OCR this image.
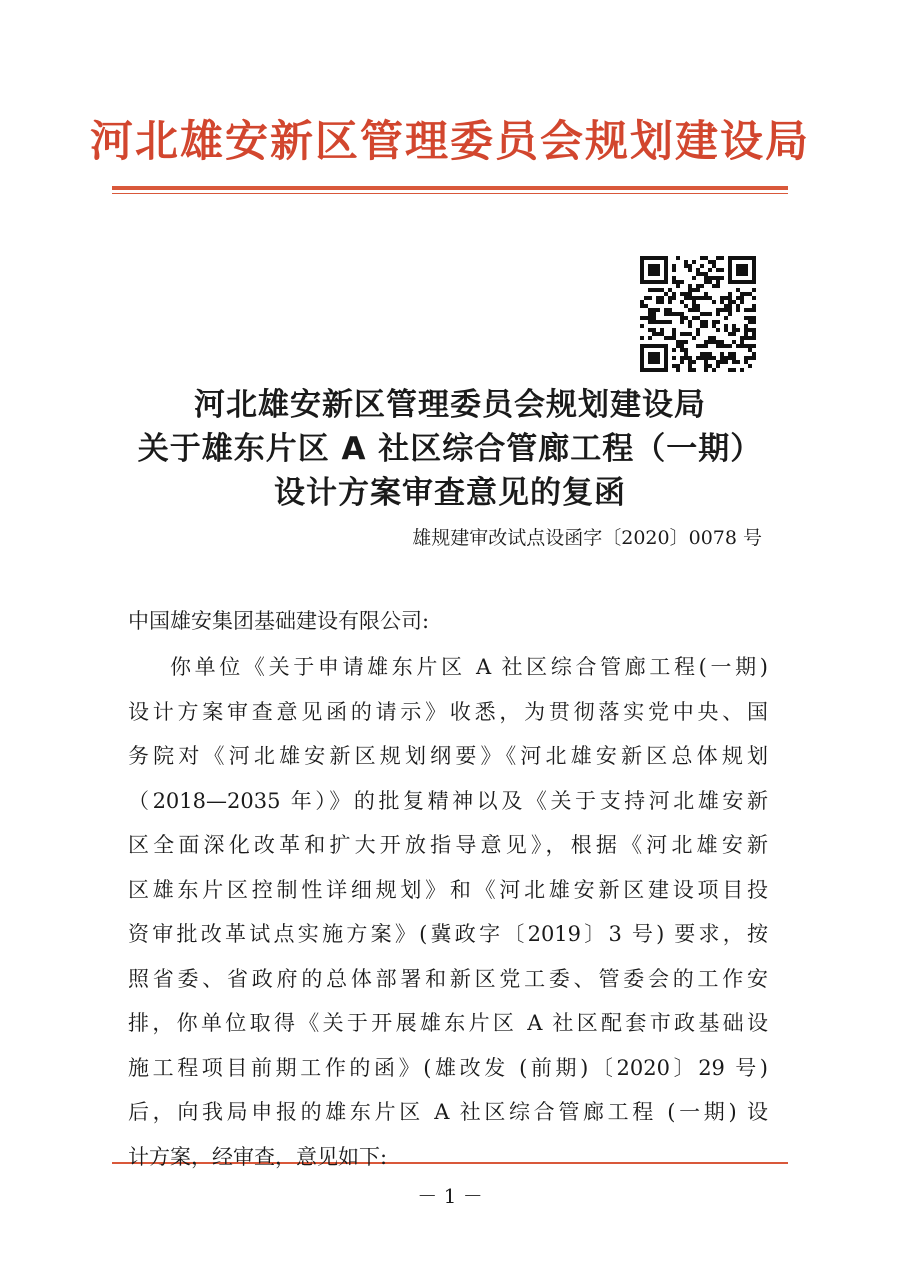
河北雄安新区管理委员会规划建设局
河北雄安新区管理委员会规划建设局
关于雄东片区 A 社区综合管廊工程（一期）
设计方案审查意见的复函
雄规建审改试点设函字〔2020〕0078 号
中国雄安集团基础建设有限公司:
你单位《关于申请雄东片区 A 社区综合管廊工程(一期)
设计方案审查意见函的请示》收悉，为贯彻落实党中央、国
务院对《河北雄安新区规划纲要》《河北雄安新区总体规划
（2018—2035 年）》的批复精神以及《关于支持河北雄安新
区全面深化改革和扩大开放指导意见》，根据《河北雄安新
区雄东片区控制性详细规划》和《河北雄安新区建设项目投
资审批改革试点实施方案》(冀政字〔2019〕3 号) 要求，按
照省委、省政府的总体部署和新区党工委、管委会的工作安
排，你单位取得《关于开展雄东片区 A 社区配套市政基础设
施工程项目前期工作的函》(雄改发 (前期)〔2020〕29 号)
后，向我局申报的雄东片区 A 社区综合管廊工程 (一期) 设
－ 1 －
计方案，经审查，意见如下:
